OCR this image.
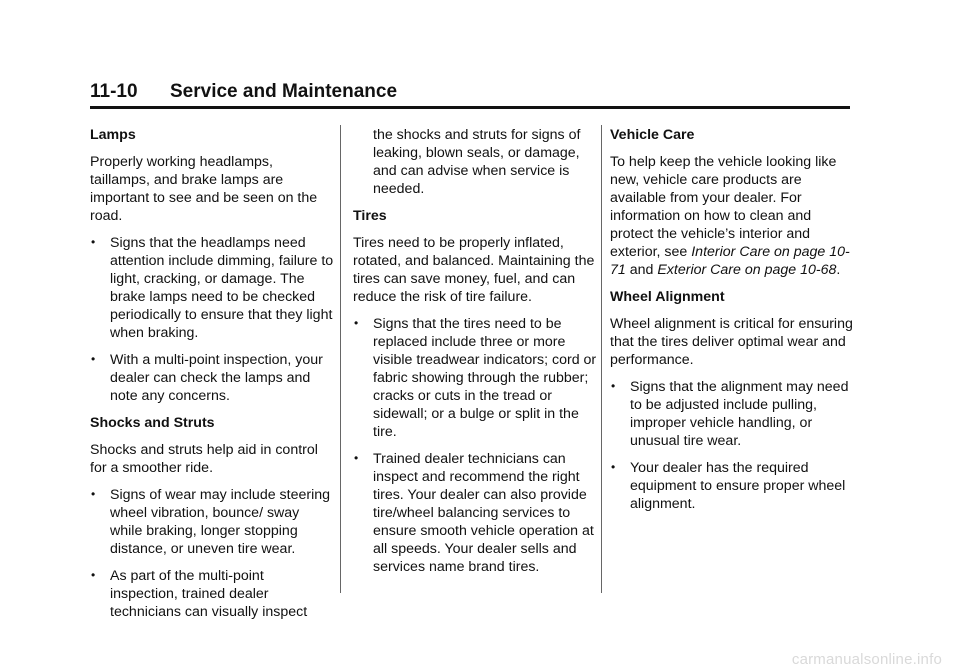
11-10 Service and Maintenance
Lamps
Properly working headlamps, taillamps, and brake lamps are important to see and be seen on the road.
• Signs that the headlamps need attention include dimming, failure to light, cracking, or damage. The brake lamps need to be checked periodically to ensure that they light when braking.
• With a multi-point inspection, your dealer can check the lamps and note any concerns.
Shocks and Struts
Shocks and struts help aid in control for a smoother ride.
• Signs of wear may include steering wheel vibration, bounce/ sway while braking, longer stopping distance, or uneven tire wear.
• As part of the multi-point inspection, trained dealer technicians can visually inspect
the shocks and struts for signs of leaking, blown seals, or damage, and can advise when service is needed.
Tires
Tires need to be properly inflated, rotated, and balanced. Maintaining the tires can save money, fuel, and can reduce the risk of tire failure.
• Signs that the tires need to be replaced include three or more visible treadwear indicators; cord or fabric showing through the rubber; cracks or cuts in the tread or sidewall; or a bulge or split in the tire.
• Trained dealer technicians can inspect and recommend the right tires. Your dealer can also provide tire/wheel balancing services to ensure smooth vehicle operation at all speeds. Your dealer sells and services name brand tires.
Vehicle Care
To help keep the vehicle looking like new, vehicle care products are available from your dealer. For information on how to clean and protect the vehicle’s interior and exterior, see Interior Care on page 10-71 and Exterior Care on page 10-68.
Wheel Alignment
Wheel alignment is critical for ensuring that the tires deliver optimal wear and performance.
• Signs that the alignment may need to be adjusted include pulling, improper vehicle handling, or unusual tire wear.
• Your dealer has the required equipment to ensure proper wheel alignment.
carmanualsonline.info
